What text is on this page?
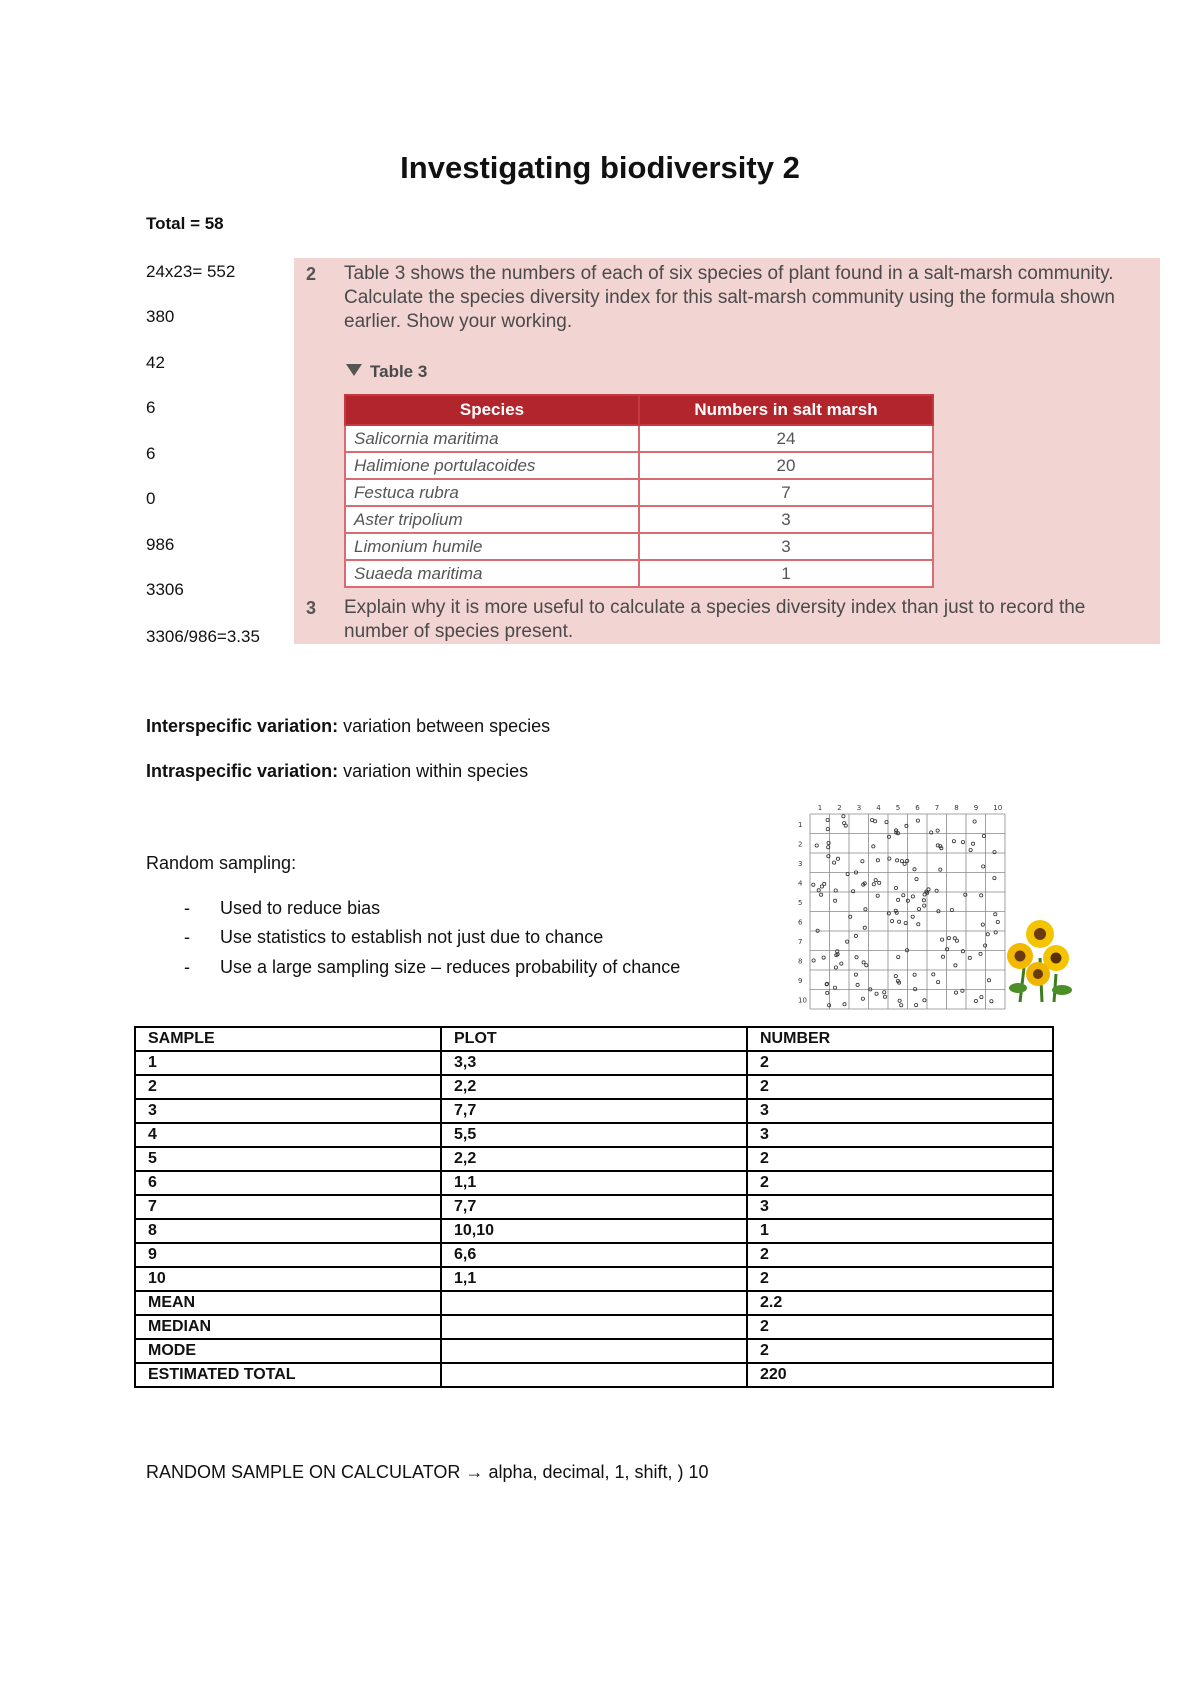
Investigating biodiversity 2
Total = 58
24x23= 552
380
42
6
6
0
986
3306
3306/986=3.35
2 Table 3 shows the numbers of each of six species of plant found in a salt-marsh community. Calculate the species diversity index for this salt-marsh community using the formula shown earlier. Show your working.
Table 3
Species	Numbers in salt marsh
Salicornia maritima	24
Halimione portulacoides	20
Festuca rubra	7
Aster tripolium	3
Limonium humile	3
Suaeda maritima	1
3 Explain why it is more useful to calculate a species diversity index than just to record the number of species present.
Interspecific variation: variation between species
Intraspecific variation: variation within species
Random sampling:
- Used to reduce bias
- Use statistics to establish not just due to chance
- Use a large sampling size – reduces probability of chance
1
1
2
2
3
3
4
4
5
5
6
6
7
7
8
8
9
9
10
10
SAMPLE	PLOT	NUMBER
1	3,3	2
2	2,2	2
3	7,7	3
4	5,5	3
5	2,2	2
6	1,1	2
7	7,7	3
8	10,10	1
9	6,6	2
10	1,1	2
MEAN		2.2
MEDIAN		2
MODE		2
ESTIMATED TOTAL		220
RANDOM SAMPLE ON CALCULATOR → alpha, decimal, 1, shift, ) 10
